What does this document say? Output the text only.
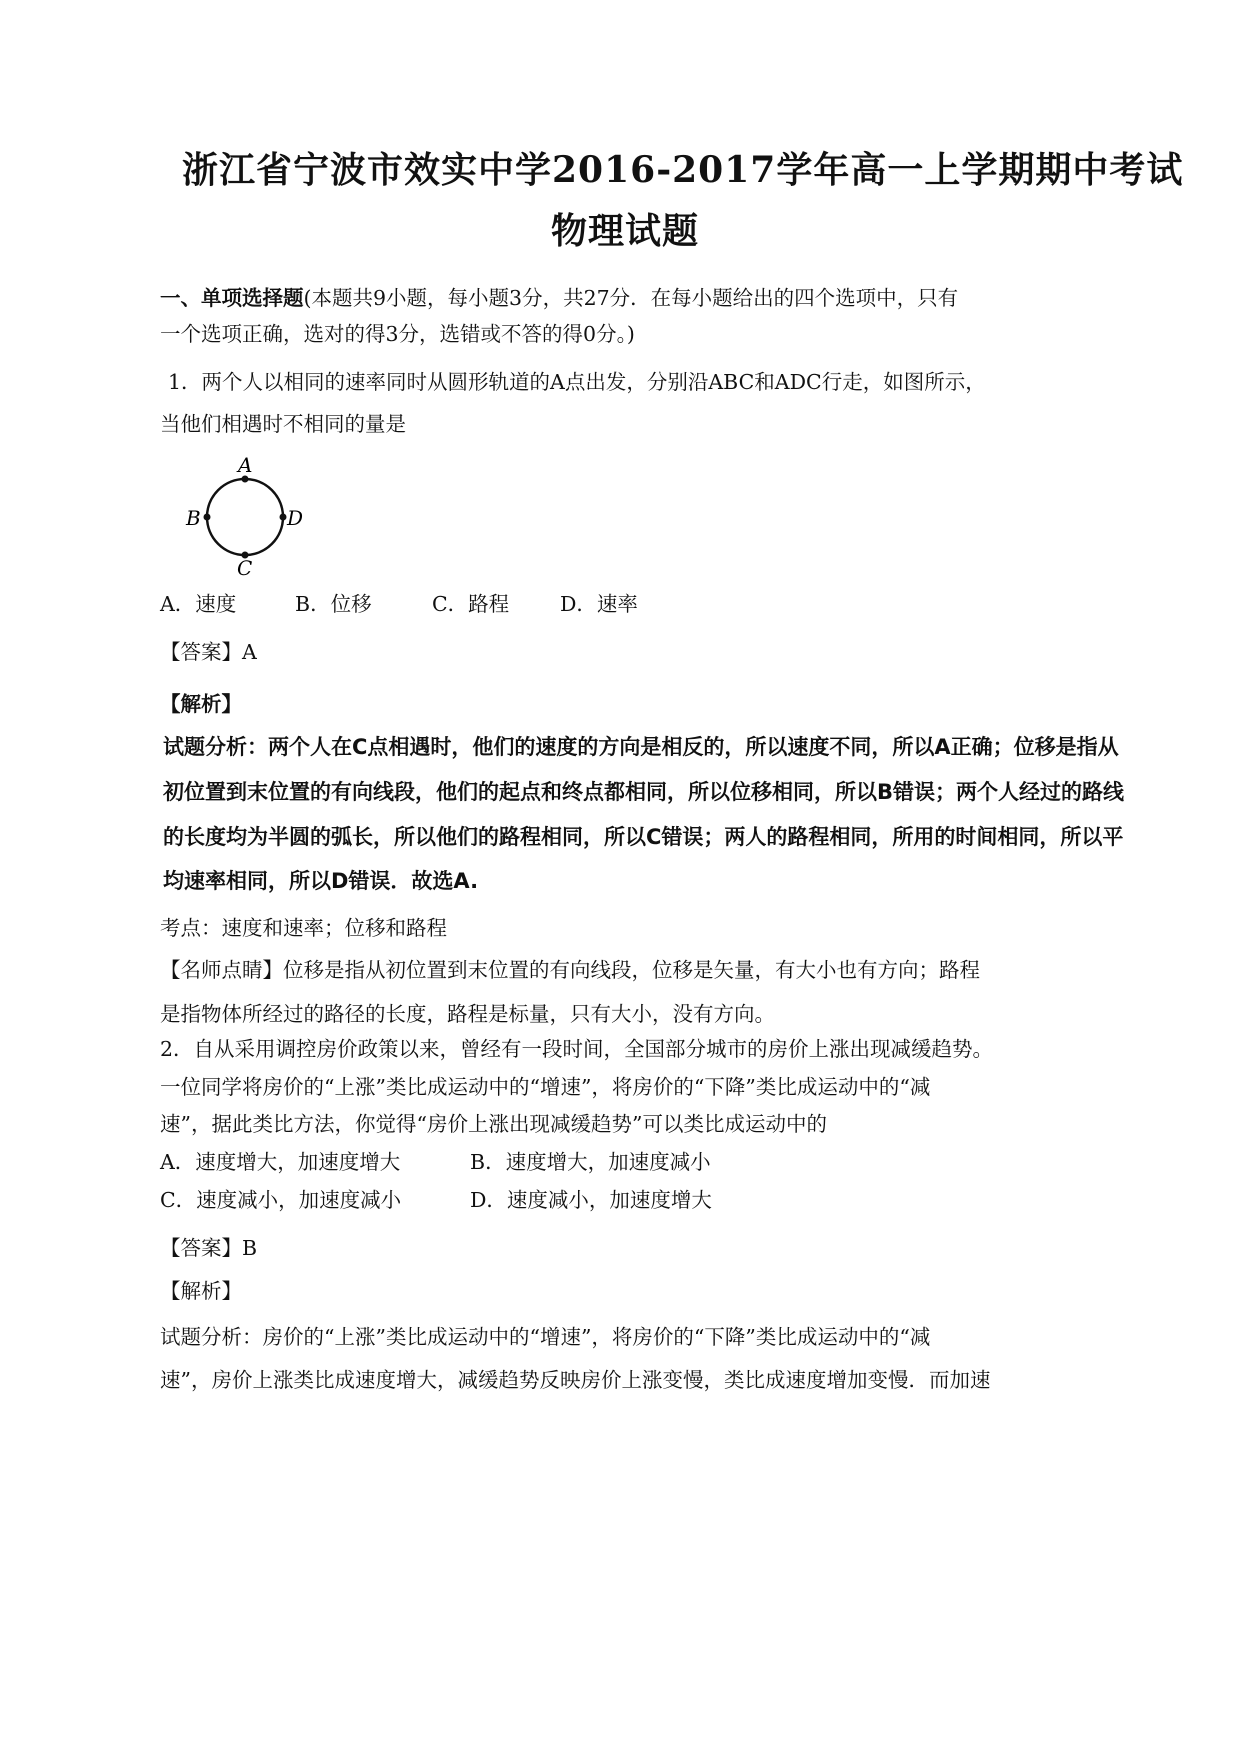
浙江省宁波市效实中学2016-2017学年高一上学期期中考试
物理试题
一、单项选择题(本题共9小题，每小题3分，共27分．在每小题给出的四个选项中，只有
一个选项正确，选对的得3分，选错或不答的得0分。)
1．两个人以相同的速率同时从圆形轨道的A点出发，分别沿ABC和ADC行走，如图所示，
当他们相遇时不相同的量是
A
B
C
D
A．速度	B．位移	C．路程 D．速率
【答案】A
【解析】
试题分析：两个人在C点相遇时，他们的速度的方向是相反的，所以速度不同，所以A正确；位移是指从
初位置到末位置的有向线段，他们的起点和终点都相同，所以位移相同，所以B错误；两个人经过的路线
的长度均为半圆的弧长，所以他们的路程相同，所以C错误；两人的路程相同，所用的时间相同，所以平
均速率相同，所以D错误．故选A.
考点：速度和速率；位移和路程
【名师点睛】位移是指从初位置到末位置的有向线段，位移是矢量，有大小也有方向；路程
是指物体所经过的路径的长度，路程是标量，只有大小，没有方向。
2．自从采用调控房价政策以来，曾经有一段时间，全国部分城市的房价上涨出现减缓趋势。
一位同学将房价的“上涨”类比成运动中的“增速”，将房价的“下降”类比成运动中的“减
速”，据此类比方法，你觉得“房价上涨出现减缓趋势”可以类比成运动中的
A．速度增大，加速度增大	B．速度增大，加速度减小
C．速度减小，加速度减小	D．速度减小，加速度增大
【答案】B
【解析】
试题分析：房价的“上涨”类比成运动中的“增速”，将房价的“下降”类比成运动中的“减
速”，房价上涨类比成速度增大，减缓趋势反映房价上涨变慢，类比成速度增加变慢．而加速
